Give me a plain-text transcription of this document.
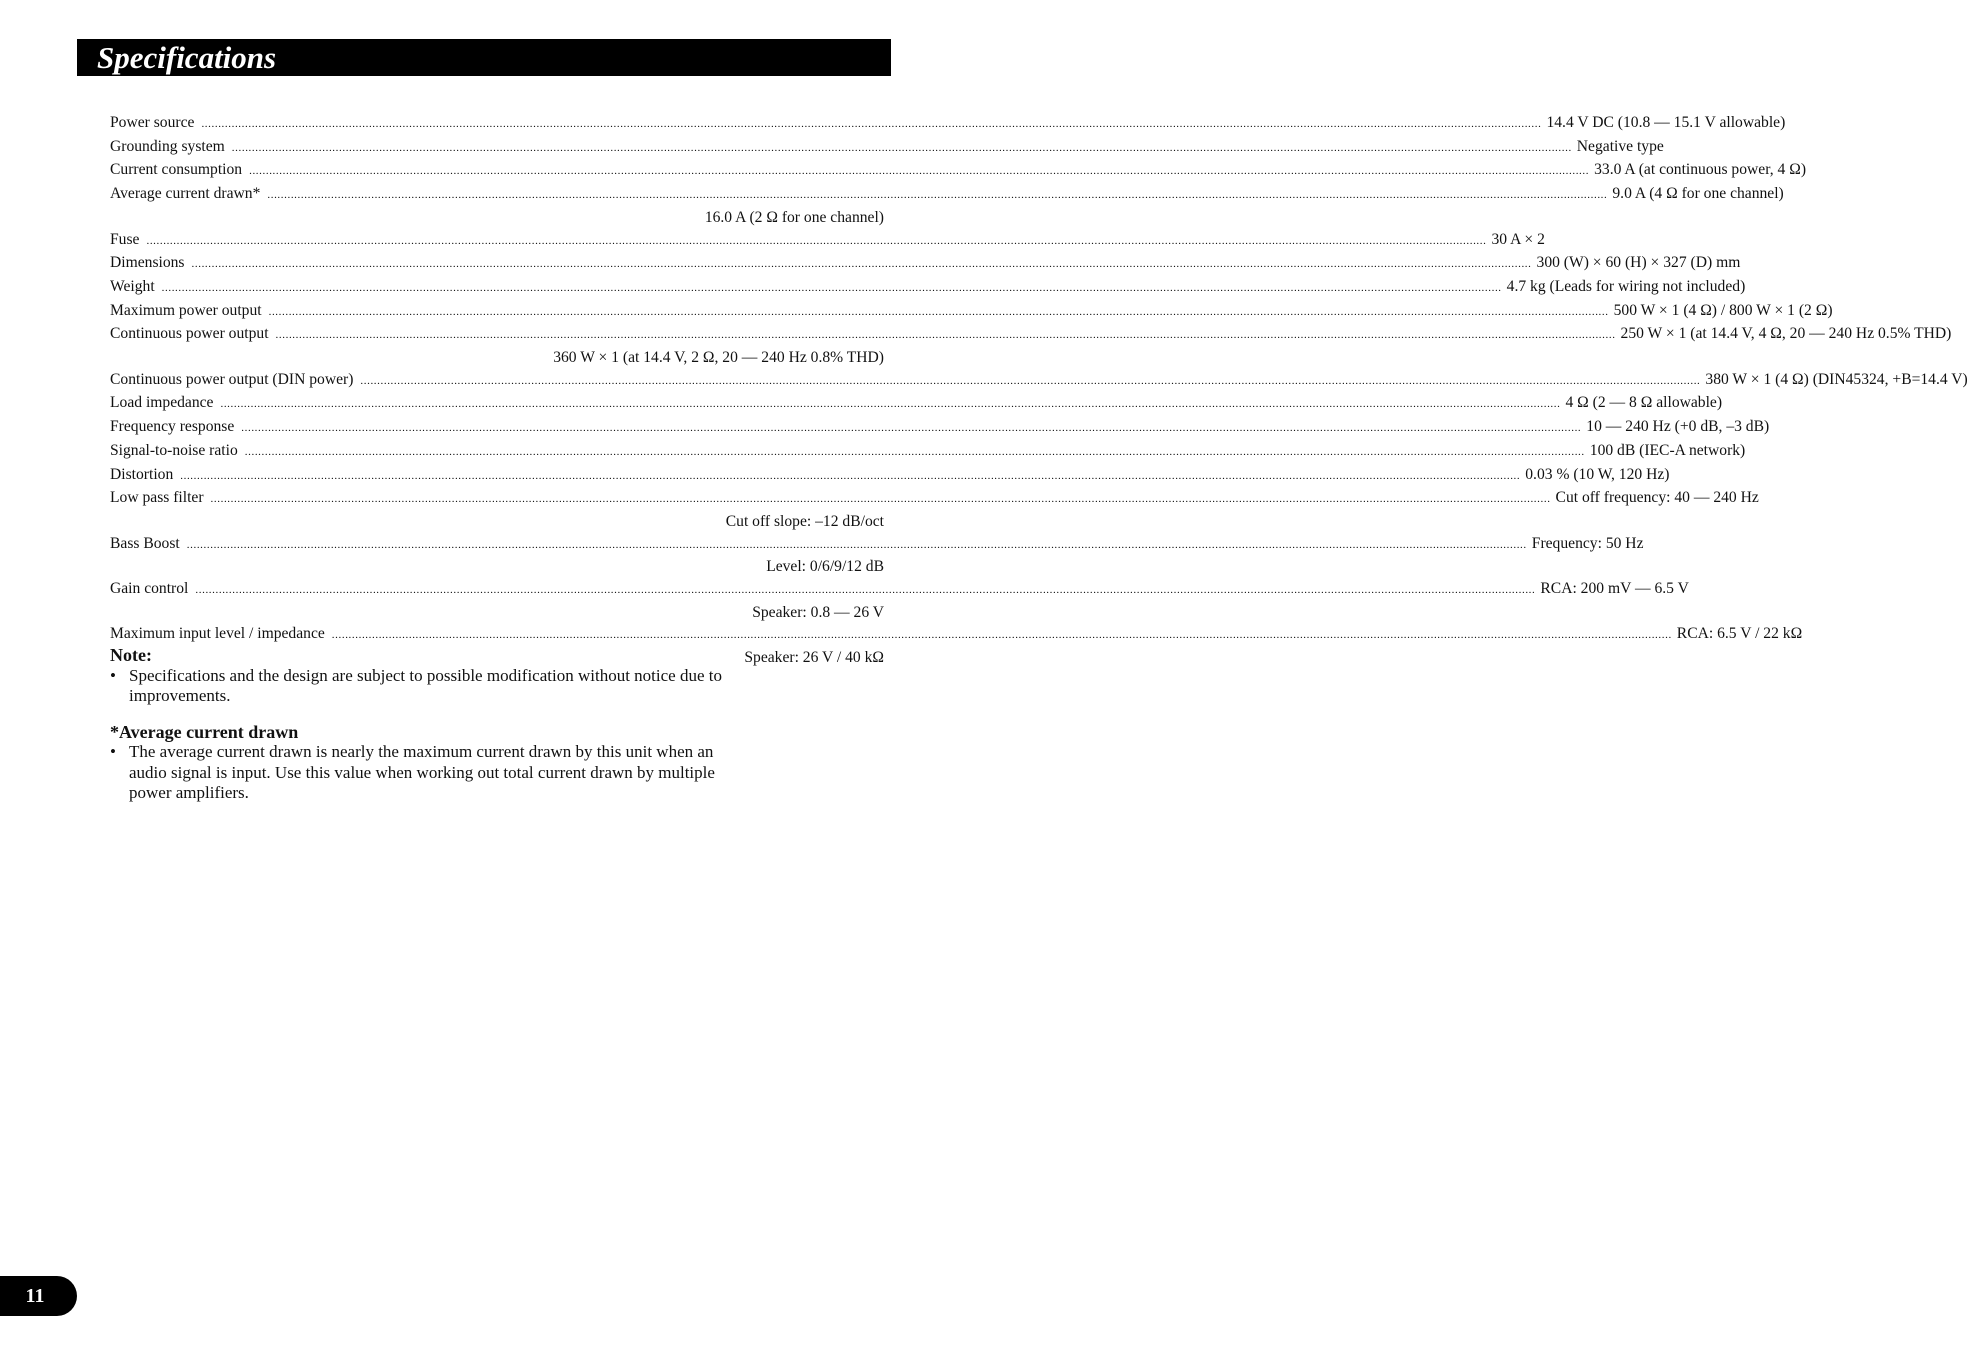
Specifications
Power source ................................................................................................................................................................................................................................................................................................................................................................................................................ 14.4 V DC (10.8 — 15.1 V allowable)
Grounding system ................................................................................................................................................................................................................................................................................................................................................................................................................ Negative type
Current consumption ................................................................................................................................................................................................................................................................................................................................................................................................................ 33.0 A (at continuous power, 4 Ω)
Average current drawn* ................................................................................................................................................................................................................................................................................................................................................................................................................ 9.0 A (4 Ω for one channel)
16.0 A (2 Ω for one channel)
Fuse ................................................................................................................................................................................................................................................................................................................................................................................................................ 30 A × 2
Dimensions ................................................................................................................................................................................................................................................................................................................................................................................................................ 300 (W) × 60 (H) × 327 (D) mm
Weight ................................................................................................................................................................................................................................................................................................................................................................................................................ 4.7 kg (Leads for wiring not included)
Maximum power output ................................................................................................................................................................................................................................................................................................................................................................................................................ 500 W × 1 (4 Ω) / 800 W × 1 (2 Ω)
Continuous power output ................................................................................................................................................................................................................................................................................................................................................................................................................ 250 W × 1 (at 14.4 V, 4 Ω, 20 — 240 Hz 0.5% THD)
360 W × 1 (at 14.4 V, 2 Ω, 20 — 240 Hz 0.8% THD)
Continuous power output (DIN power) ................................................................................................................................................................................................................................................................................................................................................................................................................ 380 W × 1 (4 Ω) (DIN45324, +B=14.4 V)
Load impedance ................................................................................................................................................................................................................................................................................................................................................................................................................ 4 Ω (2 — 8 Ω allowable)
Frequency response ................................................................................................................................................................................................................................................................................................................................................................................................................ 10 — 240 Hz (+0 dB, –3 dB)
Signal-to-noise ratio ................................................................................................................................................................................................................................................................................................................................................................................................................ 100 dB (IEC-A network)
Distortion ................................................................................................................................................................................................................................................................................................................................................................................................................ 0.03 % (10 W, 120 Hz)
Low pass filter ................................................................................................................................................................................................................................................................................................................................................................................................................ Cut off frequency: 40 — 240 Hz
Cut off slope: –12 dB/oct
Bass Boost ................................................................................................................................................................................................................................................................................................................................................................................................................ Frequency: 50 Hz
Level: 0/6/9/12 dB
Gain control ................................................................................................................................................................................................................................................................................................................................................................................................................ RCA: 200 mV — 6.5 V
Speaker: 0.8 — 26 V
Maximum input level / impedance ................................................................................................................................................................................................................................................................................................................................................................................................................ RCA: 6.5 V / 22 kΩ
Speaker: 26 V / 40 kΩ
Note:
• Specifications and the design are subject to possible modification without notice due to improvements.
*Average current drawn
• The average current drawn is nearly the maximum current drawn by this unit when an audio signal is input. Use this value when working out total current drawn by multiple power amplifiers.
11
